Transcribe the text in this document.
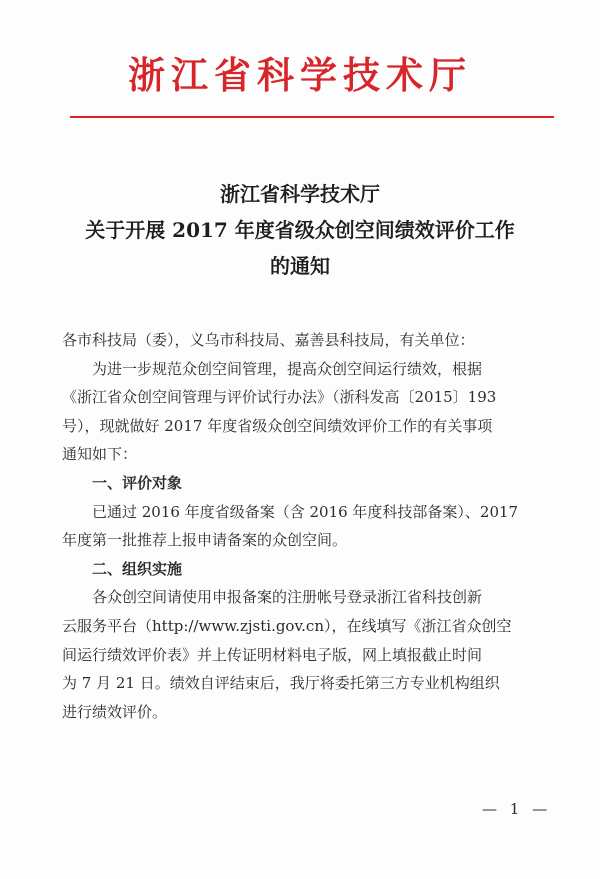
浙江省科学技术厅
浙江省科学技术厅
关于开展 2017 年度省级众创空间绩效评价工作
的通知
各市科技局（委），义乌市科技局、嘉善县科技局，有关单位：
为进一步规范众创空间管理，提高众创空间运行绩效，根据
《浙江省众创空间管理与评价试行办法》（浙科发高〔2015〕193
号），现就做好 2017 年度省级众创空间绩效评价工作的有关事项
通知如下：
一、评价对象
已通过 2016 年度省级备案（含 2016 年度科技部备案）、2017
年度第一批推荐上报申请备案的众创空间。
二、组织实施
各众创空间请使用申报备案的注册帐号登录浙江省科技创新
云服务平台（http://www.zjsti.gov.cn），在线填写《浙江省众创空
间运行绩效评价表》并上传证明材料电子版，网上填报截止时间
为 7 月 21 日。绩效自评结束后，我厅将委托第三方专业机构组织
进行绩效评价。
— 1 —
